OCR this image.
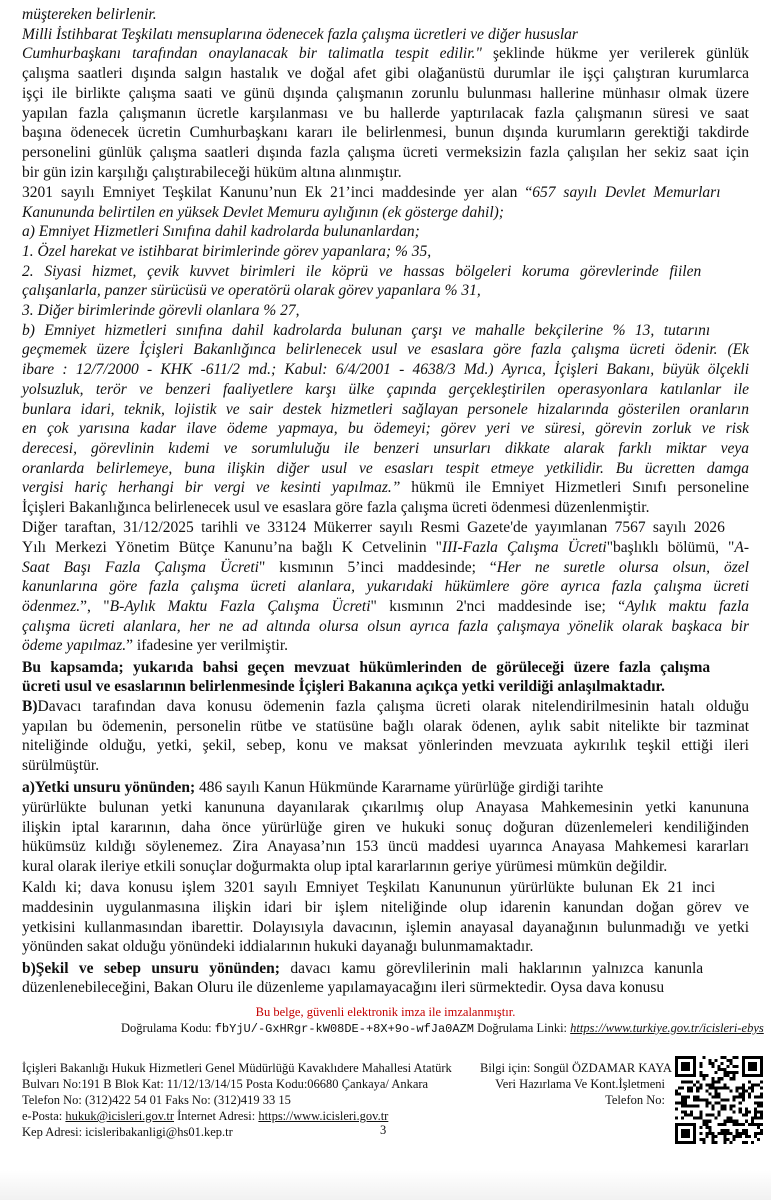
müştereken belirlenir.
Milli İstihbarat Teşkilatı mensuplarına ödenecek fazla çalışma ücretleri ve diğer hususlar
Cumhurbaşkanı tarafından onaylanacak bir talimatla tespit edilir." şeklinde hükme yer verilerek günlük
çalışma saatleri dışında salgın hastalık ve doğal afet gibi olağanüstü durumlar ile işçi çalıştıran kurumlarca
işçi ile birlikte çalışma saati ve günü dışında çalışmanın zorunlu bulunması hallerine münhasır olmak üzere
yapılan fazla çalışmanın ücretle karşılanması ve bu hallerde yaptırılacak fazla çalışmanın süresi ve saat
başına ödenecek ücretin Cumhurbaşkanı kararı ile belirlenmesi, bunun dışında kurumların gerektiği takdirde
personelini günlük çalışma saatleri dışında fazla çalışma ücreti vermeksizin fazla çalışılan her sekiz saat için
bir gün izin karşılığı çalıştırabileceği hüküm altına alınmıştır.
3201 sayılı Emniyet Teşkilat Kanunu’nun Ek 21’inci maddesinde yer alan “657 sayılı Devlet Memurları
Kanununda belirtilen en yüksek Devlet Memuru aylığının (ek gösterge dahil);
a) Emniyet Hizmetleri Sınıfına dahil kadrolarda bulunanlardan;
1. Özel harekat ve istihbarat birimlerinde görev yapanlara; % 35,
2. Siyasi hizmet, çevik kuvvet birimleri ile köprü ve hassas bölgeleri koruma görevlerinde fiilen
çalışanlarla, panzer sürücüsü ve operatörü olarak görev yapanlara % 31,
3. Diğer birimlerinde görevli olanlara % 27,
b) Emniyet hizmetleri sınıfına dahil kadrolarda bulunan çarşı ve mahalle bekçilerine % 13, tutarını
geçmemek üzere İçişleri Bakanlığınca belirlenecek usul ve esaslara göre fazla çalışma ücreti ödenir. (Ek
ibare : 12/7/2000 - KHK -611/2 md.; Kabul: 6/4/2001 - 4638/3 Md.) Ayrıca, İçişleri Bakanı, büyük ölçekli
yolsuzluk, terör ve benzeri faaliyetlere karşı ülke çapında gerçekleştirilen operasyonlara katılanlar ile
bunlara idari, teknik, lojistik ve sair destek hizmetleri sağlayan personele hizalarında gösterilen oranların
en çok yarısına kadar ilave ödeme yapmaya, bu ödemeyi; görev yeri ve süresi, görevin zorluk ve risk
derecesi, görevlinin kıdemi ve sorumluluğu ile benzeri unsurları dikkate alarak farklı miktar veya
oranlarda belirlemeye, buna ilişkin diğer usul ve esasları tespit etmeye yetkilidir. Bu ücretten damga
vergisi hariç herhangi bir vergi ve kesinti yapılmaz.” hükmü ile Emniyet Hizmetleri Sınıfı personeline
İçişleri Bakanlığınca belirlenecek usul ve esaslara göre fazla çalışma ücreti ödenmesi düzenlenmiştir.
Diğer taraftan, 31/12/2025 tarihli ve 33124 Mükerrer sayılı Resmi Gazete'de yayımlanan 7567 sayılı 2026
Yılı Merkezi Yönetim Bütçe Kanunu’na bağlı K Cetvelinin "III-Fazla Çalışma Ücreti"başlıklı bölümü, "A-
Saat Başı Fazla Çalışma Ücreti" kısmının 5’inci maddesinde; “Her ne suretle olursa olsun, özel
kanunlarına göre fazla çalışma ücreti alanlara, yukarıdaki hükümlere göre ayrıca fazla çalışma ücreti
ödenmez.”, "B-Aylık Maktu Fazla Çalışma Ücreti" kısmının 2'nci maddesinde ise; “Aylık maktu fazla
çalışma ücreti alanlara, her ne ad altında olursa olsun ayrıca fazla çalışmaya yönelik olarak başkaca bir
ödeme yapılmaz.” ifadesine yer verilmiştir.
Bu kapsamda; yukarıda bahsi geçen mevzuat hükümlerinden de görüleceği üzere fazla çalışma
ücreti usul ve esaslarının belirlenmesinde İçişleri Bakanına açıkça yetki verildiği anlaşılmaktadır.
B)Davacı tarafından dava konusu ödemenin fazla çalışma ücreti olarak nitelendirilmesinin hatalı olduğu
yapılan bu ödemenin, personelin rütbe ve statüsüne bağlı olarak ödenen, aylık sabit nitelikte bir tazminat
niteliğinde olduğu, yetki, şekil, sebep, konu ve maksat yönlerinden mevzuata aykırılık teşkil ettiği ileri
sürülmüştür.
a)Yetki unsuru yönünden; 486 sayılı Kanun Hükmünde Kararname yürürlüğe girdiği tarihte
yürürlükte bulunan yetki kanununa dayanılarak çıkarılmış olup Anayasa Mahkemesinin yetki kanununa
ilişkin iptal kararının, daha önce yürürlüğe giren ve hukuki sonuç doğuran düzenlemeleri kendiliğinden
hükümsüz kıldığı söylenemez. Zira Anayasa’nın 153 üncü maddesi uyarınca Anayasa Mahkemesi kararları
kural olarak ileriye etkili sonuçlar doğurmakta olup iptal kararlarının geriye yürümesi mümkün değildir.
Kaldı ki; dava konusu işlem 3201 sayılı Emniyet Teşkilatı Kanununun yürürlükte bulunan Ek 21 inci
maddesinin uygulanmasına ilişkin idari bir işlem niteliğinde olup idarenin kanundan doğan görev ve
yetkisini kullanmasından ibarettir. Dolayısıyla davacının, işlemin anayasal dayanağının bulunmadığı ve yetki
yönünden sakat olduğu yönündeki iddialarının hukuki dayanağı bulunmamaktadır.
b)Şekil ve sebep unsuru yönünden; davacı kamu görevlilerinin mali haklarının yalnızca kanunla
düzenlenebileceğini, Bakan Oluru ile düzenleme yapılamayacağını ileri sürmektedir. Oysa dava konusu
Bu belge, güvenli elektronik imza ile imzalanmıştır.
Doğrulama Kodu: fbYjU/-GxHRgr-kW08DE-+8X+9o-wfJa0AZM Doğrulama Linki: https://www.turkiye.gov.tr/icisleri-ebys
İçişleri Bakanlığı Hukuk Hizmetleri Genel Müdürlüğü Kavaklıdere Mahallesi Atatürk
Bulvarı No:191 B Blok Kat: 11/12/13/14/15 Posta Kodu:06680 Çankaya/ Ankara
Telefon No: (312)422 54 01 Faks No: (312)419 33 15
e-Posta: hukuk@icisleri.gov.tr İnternet Adresi: https://www.icisleri.gov.tr
Kep Adresi: icisleribakanligi@hs01.kep.tr	3
Bilgi için: Songül ÖZDAMAR KAYA
Veri Hazırlama Ve Kont.İşletmeni
Telefon No:
